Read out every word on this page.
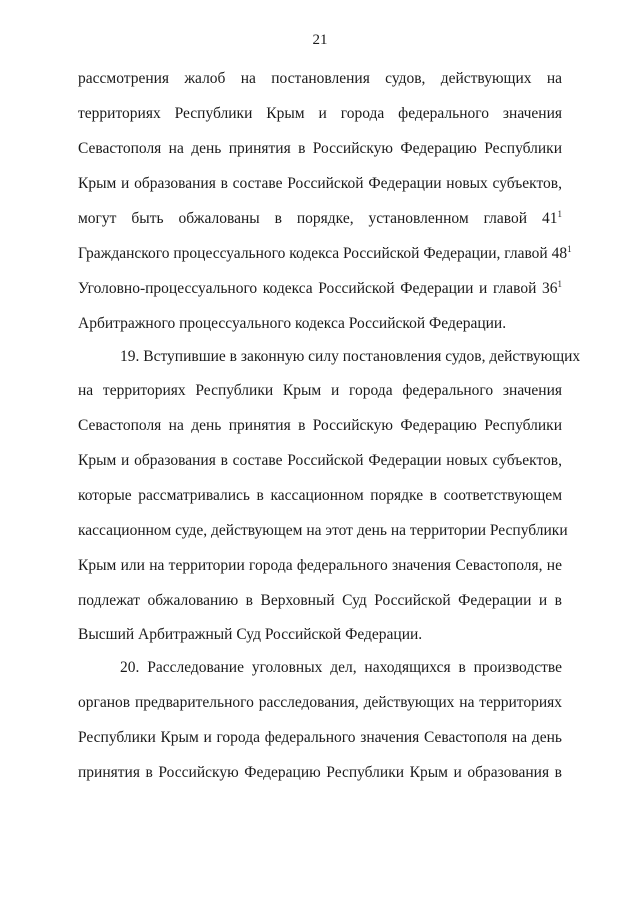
21
рассмотрения жалоб на постановления судов, действующих на
территориях Республики Крым и города федерального значения
Севастополя на день принятия в Российскую Федерацию Республики
Крым и образования в составе Российской Федерации новых субъектов,
могут быть обжалованы в порядке, установленном главой $41^1$
Гражданского процессуального кодекса Российской Федерации, главой $48^1$
Уголовно-процессуального кодекса Российской Федерации и главой $36^1$
Арбитражного процессуального кодекса Российской Федерации.
19. Вступившие в законную силу постановления судов, действующих
на территориях Республики Крым и города федерального значения
Севастополя на день принятия в Российскую Федерацию Республики
Крым и образования в составе Российской Федерации новых субъектов,
которые рассматривались в кассационном порядке в соответствующем
кассационном суде, действующем на этот день на территории Республики
Крым или на территории города федерального значения Севастополя, не
подлежат обжалованию в Верховный Суд Российской Федерации и в
Высший Арбитражный Суд Российской Федерации.
20. Расследование уголовных дел, находящихся в производстве
органов предварительного расследования, действующих на территориях
Республики Крым и города федерального значения Севастополя на день
принятия в Российскую Федерацию Республики Крым и образования в
